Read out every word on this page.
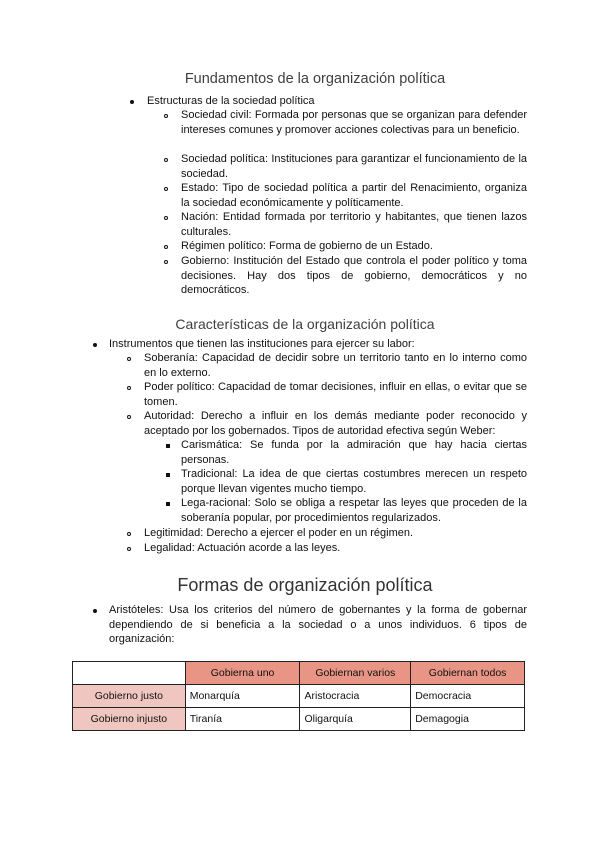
Fundamentos de la organización política
Estructuras de la sociedad política
Sociedad civil: Formada por personas que se organizan para defender intereses comunes y promover acciones colectivas para un beneficio.
Sociedad política: Instituciones para garantizar el funcionamiento de la sociedad.
Estado: Tipo de sociedad política a partir del Renacimiento, organiza la sociedad económicamente y políticamente.
Nación: Entidad formada por territorio y habitantes, que tienen lazos culturales.
Régimen político: Forma de gobierno de un Estado.
Gobierno: Institución del Estado que controla el poder político y toma decisiones. Hay dos tipos de gobierno, democráticos y no democráticos.
Características de la organización política
Instrumentos que tienen las instituciones para ejercer su labor:
Soberanía: Capacidad de decidir sobre un territorio tanto en lo interno como en lo externo.
Poder político: Capacidad de tomar decisiones, influir en ellas, o evitar que se tomen.
Autoridad: Derecho a influir en los demás mediante poder reconocido y aceptado por los gobernados. Tipos de autoridad efectiva según Weber:
Carismática: Se funda por la admiración que hay hacia ciertas personas.
Tradicional: La idea de que ciertas costumbres merecen un respeto porque llevan vigentes mucho tiempo.
Lega-racional: Solo se obliga a respetar las leyes que proceden de la soberanía popular, por procedimientos regularizados.
Legitimidad: Derecho a ejercer el poder en un régimen.
Legalidad: Actuación acorde a las leyes.
Formas de organización política
Aristóteles: Usa los criterios del número de gobernantes y la forma de gobernar dependiendo de si beneficia a la sociedad o a unos individuos. 6 tipos de organización:
	Gobierna uno	Gobiernan varios	Gobiernan todos
Gobierno justo	Monarquía	Aristocracia	Democracia
Gobierno injusto	Tiranía	Oligarquía	Demagogia
